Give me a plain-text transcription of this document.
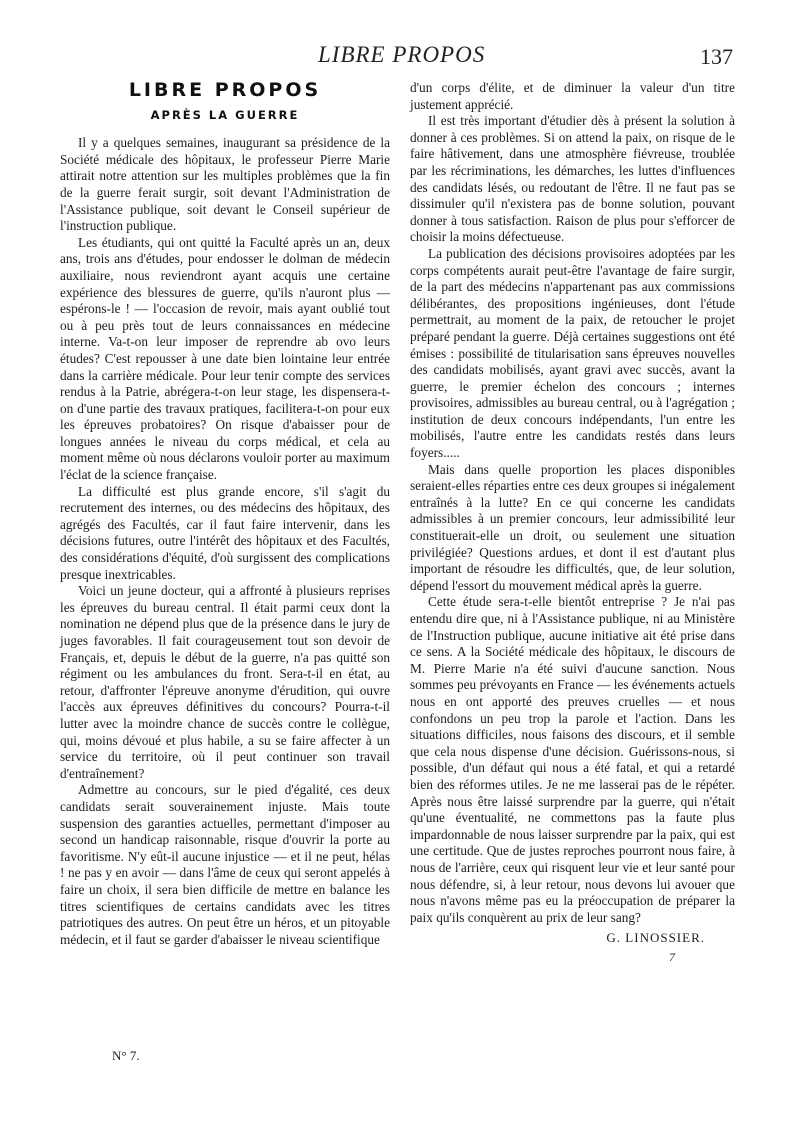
LIBRE PROPOS	137
LIBRE PROPOS
APRÈS LA GUERRE

Il y a quelques semaines, inaugurant sa présidence de la Société médicale des hôpitaux, le professeur Pierre Marie attirait notre attention sur les multiples problèmes que la fin de la guerre ferait surgir, soit devant l'Administration de l'Assistance publique, soit devant le Conseil supérieur de l'instruction publique.

Les étudiants, qui ont quitté la Faculté après un an, deux ans, trois ans d'études, pour endosser le dolman de médecin auxiliaire, nous reviendront ayant acquis une certaine expérience des blessures de guerre, qu'ils n'auront plus — espérons-le ! — l'occasion de revoir, mais ayant oublié tout ou à peu près tout de leurs connaissances en médecine interne. Va-t-on leur imposer de reprendre ab ovo leurs études? C'est repousser à une date bien lointaine leur entrée dans la carrière médicale. Pour leur tenir compte des services rendus à la Patrie, abrégera-t-on leur stage, les dispensera-t-on d'une partie des travaux pratiques, facilitera-t-on pour eux les épreuves probatoires? On risque d'abaisser pour de longues années le niveau du corps médical, et cela au moment même où nous déclarons vouloir porter au maximum l'éclat de la science française.

La difficulté est plus grande encore, s'il s'agit du recrutement des internes, ou des médecins des hôpitaux, des agrégés des Facultés, car il faut faire intervenir, dans les décisions futures, outre l'intérêt des hôpitaux et des Facultés, des considérations d'équité, d'où surgissent des complications presque inextricables.

Voici un jeune docteur, qui a affronté à plusieurs reprises les épreuves du bureau central. Il était parmi ceux dont la nomination ne dépend plus que de la présence dans le jury de juges favorables. Il fait courageusement tout son devoir de Français, et, depuis le début de la guerre, n'a pas quitté son régiment ou les ambulances du front. Sera-t-il en état, au retour, d'affronter l'épreuve anonyme d'érudition, qui ouvre l'accès aux épreuves définitives du concours? Pourra-t-il lutter avec la moindre chance de succès contre le collègue, qui, moins dévoué et plus habile, a su se faire affecter à un service du territoire, où il peut continuer son travail d'entraînement?

Admettre au concours, sur le pied d'égalité, ces deux candidats serait souverainement injuste. Mais toute suspension des garanties actuelles, permettant d'imposer au second un handicap raisonnable, risque d'ouvrir la porte au favoritisme. N'y eût-il aucune injustice — et il ne peut, hélas ! ne pas y en avoir — dans l'âme de ceux qui seront appelés à faire un choix, il sera bien difficile de mettre en balance les titres scientifiques de certains candidats avec les titres patriotiques des autres. On peut être un héros, et un pitoyable médecin, et il faut se garder d'abaisser le niveau scientifique

d'un corps d'élite, et de diminuer la valeur d'un titre justement apprécié.

Il est très important d'étudier dès à présent la solution à donner à ces problèmes. Si on attend la paix, on risque de le faire hâtivement, dans une atmosphère fiévreuse, troublée par les récriminations, les démarches, les luttes d'influences des candidats lésés, ou redoutant de l'être. Il ne faut pas se dissimuler qu'il n'existera pas de bonne solution, pouvant donner à tous satisfaction. Raison de plus pour s'efforcer de choisir la moins défectueuse.

La publication des décisions provisoires adoptées par les corps compétents aurait peut-être l'avantage de faire surgir, de la part des médecins n'appartenant pas aux commissions délibérantes, des propositions ingénieuses, dont l'étude permettrait, au moment de la paix, de retoucher le projet préparé pendant la guerre. Déjà certaines suggestions ont été émises : possibilité de titularisation sans épreuves nouvelles des candidats mobilisés, ayant gravi avec succès, avant la guerre, le premier échelon des concours ; internes provisoires, admissibles au bureau central, ou à l'agrégation ; institution de deux concours indépendants, l'un entre les mobilisés, l'autre entre les candidats restés dans leurs foyers.....

Mais dans quelle proportion les places disponibles seraient-elles réparties entre ces deux groupes si inégalement entraînés à la lutte? En ce qui concerne les candidats admissibles à un premier concours, leur admissibilité leur constituerait-elle un droit, ou seulement une situation privilégiée? Questions ardues, et dont il est d'autant plus important de résoudre les difficultés, que, de leur solution, dépend l'essort du mouvement médical après la guerre.

Cette étude sera-t-elle bientôt entreprise ? Je n'ai pas entendu dire que, ni à l'Assistance publique, ni au Ministère de l'Instruction publique, aucune initiative ait été prise dans ce sens. A la Société médicale des hôpitaux, le discours de M. Pierre Marie n'a été suivi d'aucune sanction. Nous sommes peu prévoyants en France — les événements actuels nous en ont apporté des preuves cruelles — et nous confondons un peu trop la parole et l'action. Dans les situations difficiles, nous faisons des discours, et il semble que cela nous dispense d'une décision. Guérissons-nous, si possible, d'un défaut qui nous a été fatal, et qui a retardé bien des réformes utiles. Je ne me lasserai pas de le répéter. Après nous être laissé surprendre par la guerre, qui n'était qu'une éventualité, ne commettons pas la faute plus impardonnable de nous laisser surprendre par la paix, qui est une certitude. Que de justes reproches pourront nous faire, à nous de l'arrière, ceux qui risquent leur vie et leur santé pour nous défendre, si, à leur retour, nous devons lui avouer que nous n'avons même pas eu la préoccupation de préparer la paix qu'ils conquèrent au prix de leur sang?

G. LINOSSIER.
7
N° 7.
